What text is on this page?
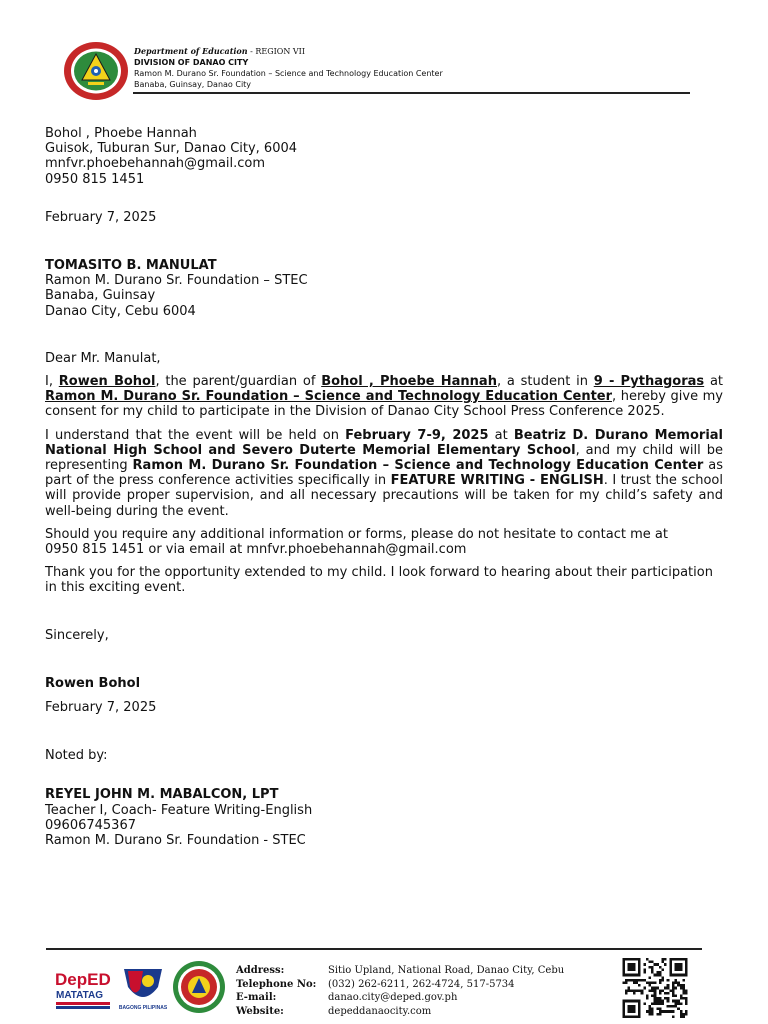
Department of Education - REGION VII
DIVISION OF DANAO CITY
Ramon M. Durano Sr. Foundation – Science and Technology Education Center
Banaba, Guinsay, Danao City
Bohol , Phoebe Hannah
Guisok, Tuburan Sur, Danao City, 6004
mnfvr.phoebehannah@gmail.com
0950 815 1451
February 7, 2025
TOMASITO B. MANULAT
Ramon M. Durano Sr. Foundation – STEC
Banaba, Guinsay
Danao City, Cebu 6004
Dear Mr. Manulat,
I, Rowen Bohol, the parent/guardian of Bohol , Phoebe Hannah, a student in 9 - Pythagoras at Ramon M. Durano Sr. Foundation – Science and Technology Education Center, hereby give my consent for my child to participate in the Division of Danao City School Press Conference 2025.
I understand that the event will be held on February 7-9, 2025 at Beatriz D. Durano Memorial National High School and Severo Duterte Memorial Elementary School, and my child will be representing Ramon M. Durano Sr. Foundation – Science and Technology Education Center as part of the press conference activities specifically in FEATURE WRITING - ENGLISH. I trust the school will provide proper supervision, and all necessary precautions will be taken for my child’s safety and well-being during the event.
Should you require any additional information or forms, please do not hesitate to contact me at
0950 815 1451 or via email at mnfvr.phoebehannah@gmail.com
Thank you for the opportunity extended to my child. I look forward to hearing about their participation in this exciting event.
Sincerely,
Rowen Bohol
February 7, 2025
Noted by:
REYEL JOHN M. MABALCON, LPT
Teacher I, Coach- Feature Writing-English
09606745367
Ramon M. Durano Sr. Foundation - STEC
DepED
MATATAG
BAGONG PILIPINAS
Address:
Telephone No:
E-mail:
Website:
Sitio Upland, National Road, Danao City, Cebu
(032) 262-6211, 262-4724, 517-5734
danao.city@deped.gov.ph
depeddanaocity.com
